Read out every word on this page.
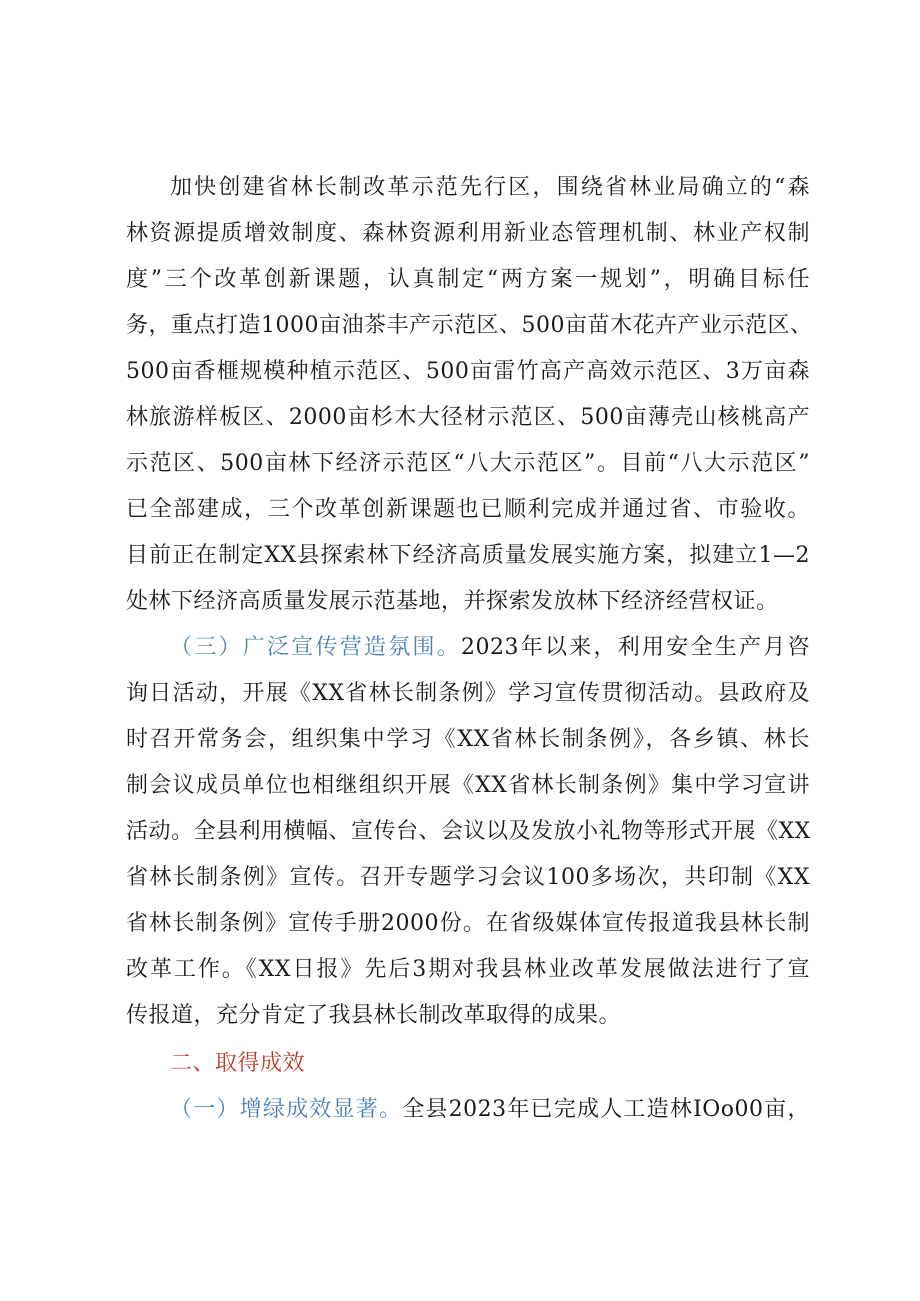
加快创建省林长制改革示范先行区，围绕省林业局确立的“森
林资源提质增效制度、森林资源利用新业态管理机制、林业产权制
度”三个改革创新课题，认真制定“两方案一规划”，明确目标任
务，重点打造1000亩油茶丰产示范区、500亩苗木花卉产业示范区、
500亩香榧规模种植示范区、500亩雷竹高产高效示范区、3万亩森
林旅游样板区、2000亩杉木大径材示范区、500亩薄壳山核桃高产
示范区、500亩林下经济示范区“八大示范区”。目前“八大示范区”
已全部建成，三个改革创新课题也已顺利完成并通过省、市验收。
目前正在制定XX县探索林下经济高质量发展实施方案，拟建立1—2
处林下经济高质量发展示范基地，并探索发放林下经济经营权证。
（三）广泛宣传营造氛围。2023年以来，利用安全生产月咨
询日活动，开展《XX省林长制条例》学习宣传贯彻活动。县政府及
时召开常务会，组织集中学习《XX省林长制条例》，各乡镇、林长
制会议成员单位也相继组织开展《XX省林长制条例》集中学习宣讲
活动。全县利用横幅、宣传台、会议以及发放小礼物等形式开展《XX
省林长制条例》宣传。召开专题学习会议100多场次，共印制《XX
省林长制条例》宣传手册2000份。在省级媒体宣传报道我县林长制
改革工作。《XX日报》先后3期对我县林业改革发展做法进行了宣
传报道，充分肯定了我县林长制改革取得的成果。
二、取得成效
（一）增绿成效显著。全县2023年已完成人工造林IOo00亩，
